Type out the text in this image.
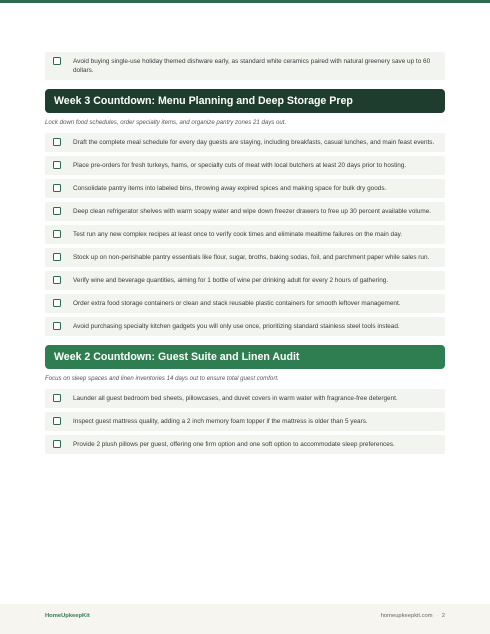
Avoid buying single-use holiday themed dishware early, as standard white ceramics paired with natural greenery save up to 60 dollars.
Week 3 Countdown: Menu Planning and Deep Storage Prep
Lock down food schedules, order specialty items, and organize pantry zones 21 days out.
Draft the complete meal schedule for every day guests are staying, including breakfasts, casual lunches, and main feast events.
Place pre-orders for fresh turkeys, hams, or specialty cuts of meat with local butchers at least 20 days prior to hosting.
Consolidate pantry items into labeled bins, throwing away expired spices and making space for bulk dry goods.
Deep clean refrigerator shelves with warm soapy water and wipe down freezer drawers to free up 30 percent available volume.
Test run any new complex recipes at least once to verify cook times and eliminate mealtime failures on the main day.
Stock up on non-perishable pantry essentials like flour, sugar, broths, baking sodas, foil, and parchment paper while sales run.
Verify wine and beverage quantities, aiming for 1 bottle of wine per drinking adult for every 2 hours of gathering.
Order extra food storage containers or clean and stack reusable plastic containers for smooth leftover management.
Avoid purchasing specialty kitchen gadgets you will only use once, prioritizing standard stainless steel tools instead.
Week 2 Countdown: Guest Suite and Linen Audit
Focus on sleep spaces and linen inventories 14 days out to ensure total guest comfort.
Launder all guest bedroom bed sheets, pillowcases, and duvet covers in warm water with fragrance-free detergent.
Inspect guest mattress quality, adding a 2 inch memory foam topper if the mattress is older than 5 years.
Provide 2 plush pillows per guest, offering one firm option and one soft option to accommodate sleep preferences.
HomeUpkeepKit	homeupkeepkit.com · 2
